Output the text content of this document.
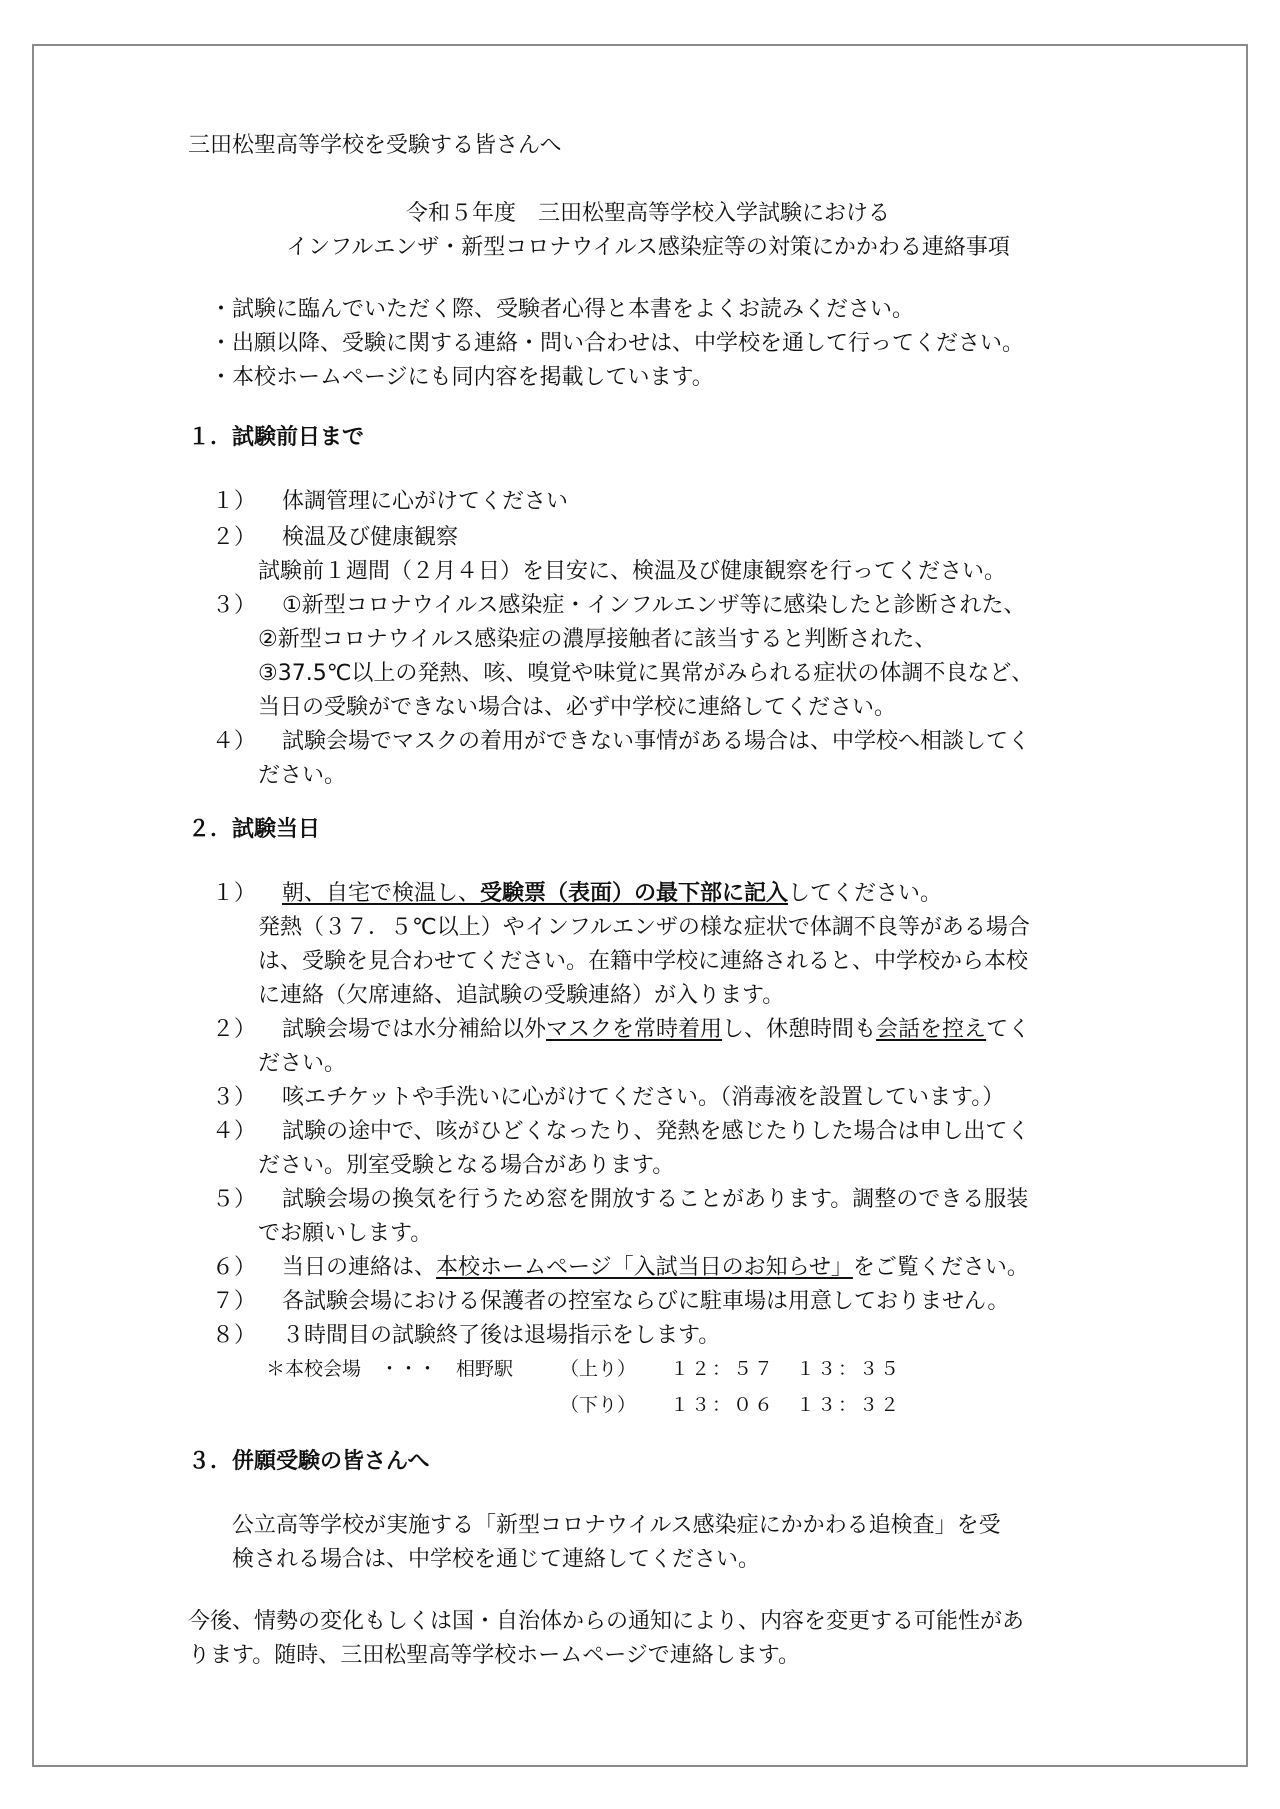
三田松聖高等学校を受験する皆さんへ
令和５年度　三田松聖高等学校入学試験における
インフルエンザ・新型コロナウイルス感染症等の対策にかかわる連絡事項
・試験に臨んでいただく際、受験者心得と本書をよくお読みください。
・出願以降、受験に関する連絡・問い合わせは、中学校を通して行ってください。
・本校ホームページにも同内容を掲載しています。
１．試験前日まで
１） 体調管理に心がけてください
２） 検温及び健康観察
試験前１週間（２月４日）を目安に、検温及び健康観察を行ってください。
３） ①新型コロナウイルス感染症・インフルエンザ等に感染したと診断された、
②新型コロナウイルス感染症の濃厚接触者に該当すると判断された、
③37.5℃以上の発熱、咳、嗅覚や味覚に異常がみられる症状の体調不良など、
当日の受験ができない場合は、必ず中学校に連絡してください。
４） 試験会場でマスクの着用ができない事情がある場合は、中学校へ相談してく
ださい。
２．試験当日
１） 朝、自宅で検温し、受験票（表面）の最下部に記入してください。
発熱（３７．５℃以上）やインフルエンザの様な症状で体調不良等がある場合
は、受験を見合わせてください。在籍中学校に連絡されると、中学校から本校
に連絡（欠席連絡、追試験の受験連絡）が入ります。
２） 試験会場では水分補給以外マスクを常時着用し、休憩時間も会話を控えてく
ださい。
３） 咳エチケットや手洗いに心がけてください。（消毒液を設置しています。）
４） 試験の途中で、咳がひどくなったり、発熱を感じたりした場合は申し出てく
ださい。別室受験となる場合があります。
５） 試験会場の換気を行うため窓を開放することがあります。調整のできる服装
でお願いします。
６） 当日の連絡は、本校ホームページ「入試当日のお知らせ」をご覧ください。
７） 各試験会場における保護者の控室ならびに駐車場は用意しておりません。
８） ３時間目の試験終了後は退場指示をします。
＊本校会場　・・・　相野駅 （上り） １２：５７　１３：３５
（下り） １３：０６　１３：３２
３．併願受験の皆さんへ
公立高等学校が実施する「新型コロナウイルス感染症にかかわる追検査」を受
検される場合は、中学校を通じて連絡してください。
今後、情勢の変化もしくは国・自治体からの通知により、内容を変更する可能性があ
ります。随時、三田松聖高等学校ホームページで連絡します。
